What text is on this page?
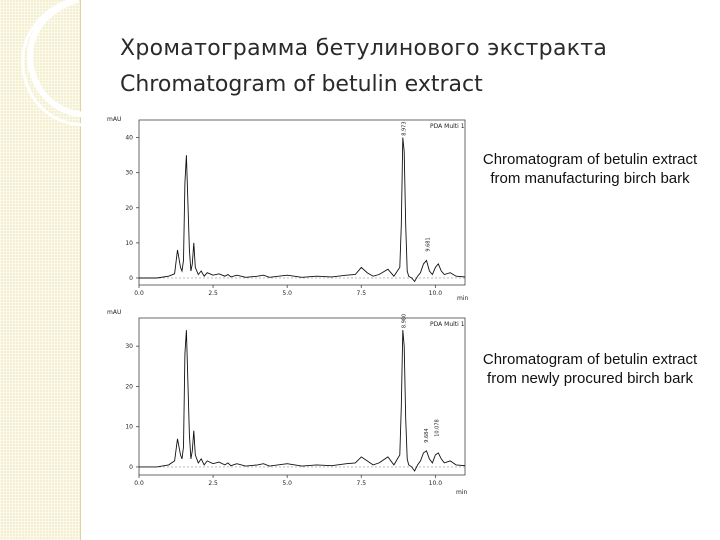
Хроматограмма бетулинового экстракта
Chromatogram of betulin extract
0
10
20
30
40
0.0	2.5	5.0	7.5	10.0
mAU
min
PDA Multi 1
8.973
9.681
0
10
20
30
0.0	2.5	5.0	7.5	10.0
mAU
min
PDA Multi 1
8.980
9.684 10.078
Chromatogram of betulin extract from manufacturing birch bark
Chromatogram of betulin extract from newly procured birch bark
